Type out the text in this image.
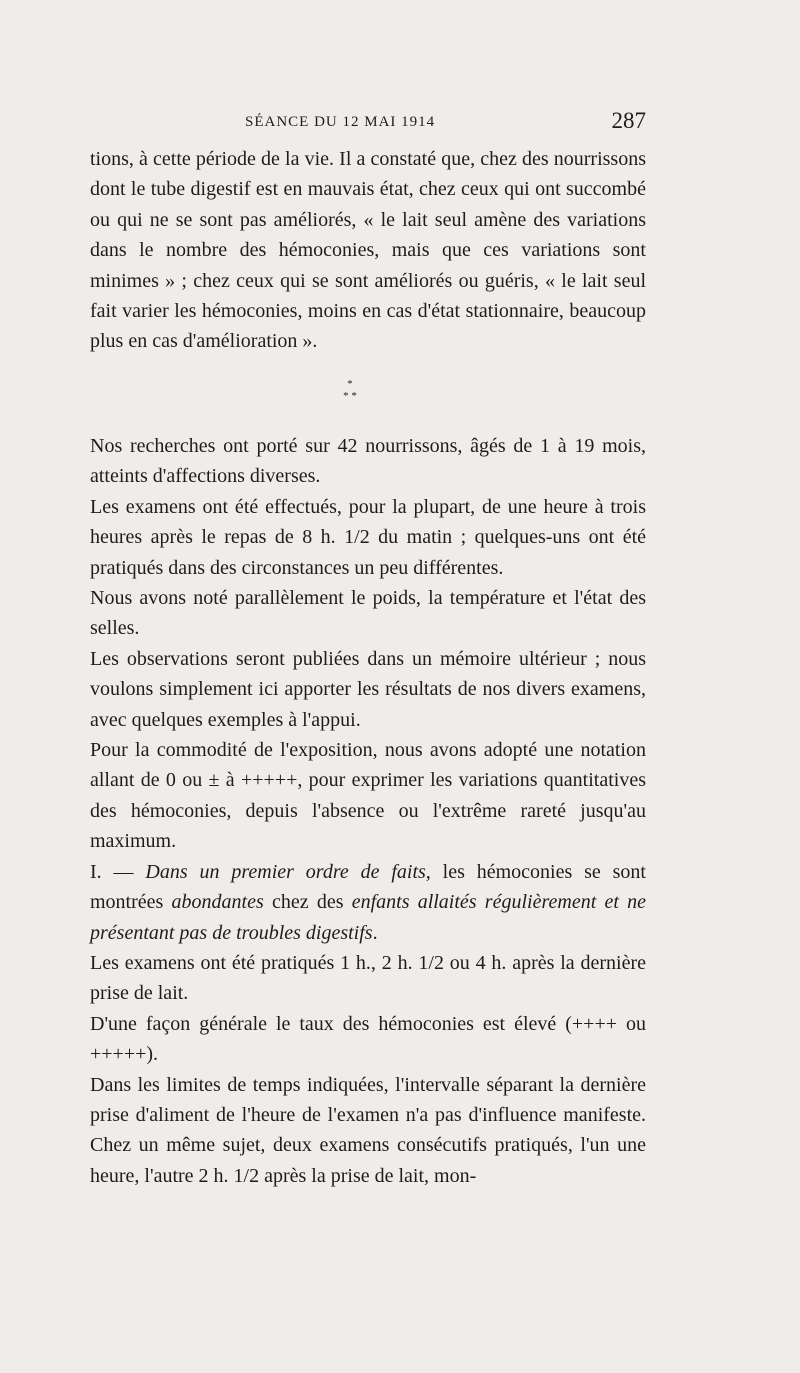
SÉANCE DU 12 MAI 1914	287

tions, à cette période de la vie. Il a constaté que, chez des nourrissons dont le tube digestif est en mauvais état, chez ceux qui ont succombé ou qui ne se sont pas améliorés, « le lait seul amène des variations dans le nombre des hémoconies, mais que ces variations sont minimes » ; chez ceux qui se sont améliorés ou guéris, « le lait seul fait varier les hémoconies, moins en cas d'état stationnaire, beaucoup plus en cas d'amélioration ».

*
* *

Nos recherches ont porté sur 42 nourrissons, âgés de 1 à 19 mois, atteints d'affections diverses.

Les examens ont été effectués, pour la plupart, de une heure à trois heures après le repas de 8 h. 1/2 du matin ; quelques-uns ont été pratiqués dans des circonstances un peu différentes.

Nous avons noté parallèlement le poids, la température et l'état des selles.

Les observations seront publiées dans un mémoire ultérieur ; nous voulons simplement ici apporter les résultats de nos divers examens, avec quelques exemples à l'appui.

Pour la commodité de l'exposition, nous avons adopté une notation allant de 0 ou ± à +++++, pour exprimer les variations quantitatives des hémoconies, depuis l'absence ou l'extrême rareté jusqu'au maximum.

I. — Dans un premier ordre de faits, les hémoconies se sont montrées abondantes chez des enfants allaités régulièrement et ne présentant pas de troubles digestifs.

Les examens ont été pratiqués 1 h., 2 h. 1/2 ou 4 h. après la dernière prise de lait.

D'une façon générale le taux des hémoconies est élevé (++++ ou +++++).

Dans les limites de temps indiquées, l'intervalle séparant la dernière prise d'aliment de l'heure de l'examen n'a pas d'influence manifeste. Chez un même sujet, deux examens consécutifs pratiqués, l'un une heure, l'autre 2 h. 1/2 après la prise de lait, mon-
